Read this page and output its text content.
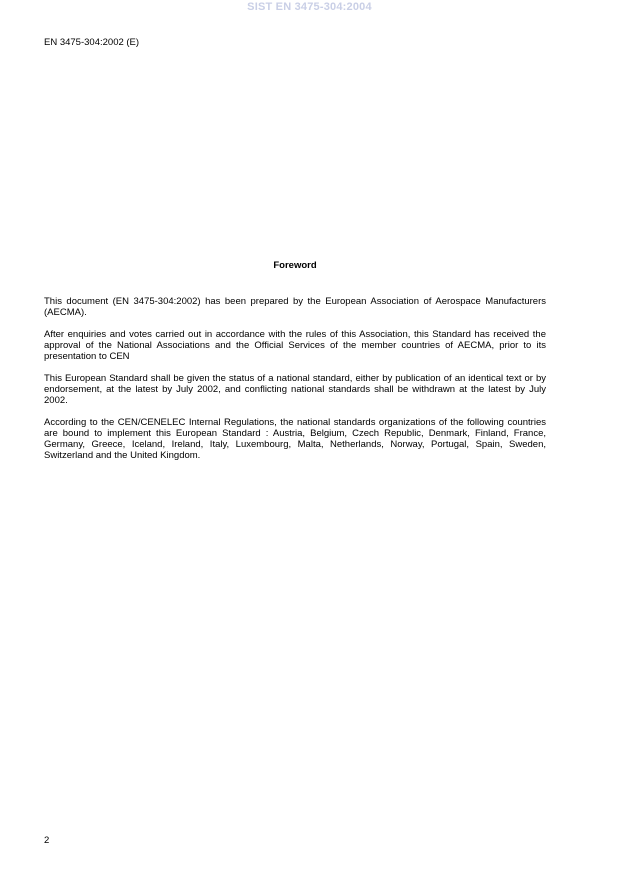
SIST EN 3475-304:2004
EN 3475-304:2002 (E)
Foreword

This document (EN 3475-304:2002) has been prepared by the European Association of Aerospace Manufacturers (AECMA).

After enquiries and votes carried out in accordance with the rules of this Association, this Standard has received the approval of the National Associations and the Official Services of the member countries of AECMA, prior to its presentation to CEN

This European Standard shall be given the status of a national standard, either by publication of an identical text or by endorsement, at the latest by July 2002, and conflicting national standards shall be withdrawn at the latest by July 2002.

According to the CEN/CENELEC Internal Regulations, the national standards organizations of the following countries are bound to implement this European Standard : Austria, Belgium, Czech Republic, Denmark, Finland, France, Germany, Greece, Iceland, Ireland, Italy, Luxembourg, Malta, Netherlands, Norway, Portugal, Spain, Sweden, Switzerland and the United Kingdom.

2
